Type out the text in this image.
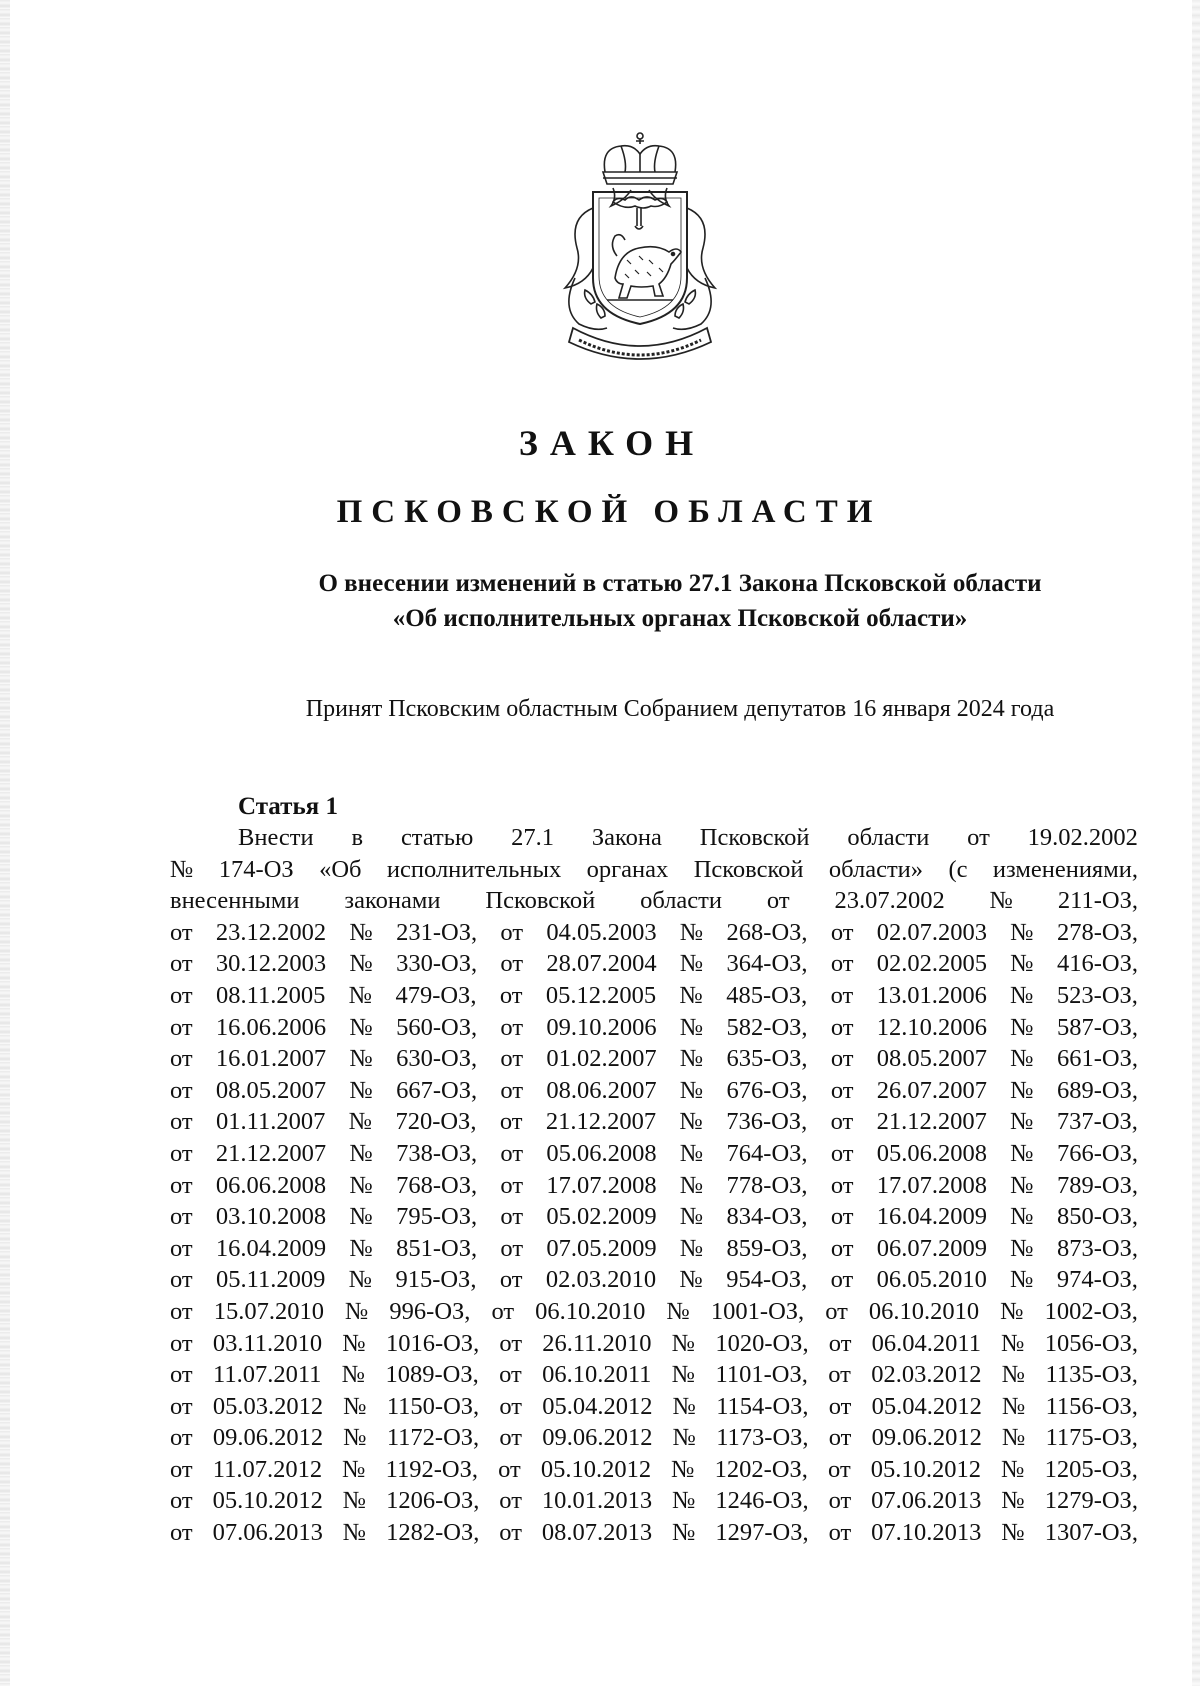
ЗАКОН
ПСКОВСКОЙ ОБЛАСТИ
О внесении изменений в статью 27.1 Закона Псковской области
«Об исполнительных органах Псковской области»

Принят Псковским областным Собранием депутатов 16 января 2024 года

Статья 1
Внести в статью 27.1 Закона Псковской области от 19.02.2002
№ 174-ОЗ «Об исполнительных органах Псковской области» (с изменениями,
внесенными законами Псковской области от 23.07.2002 № 211-ОЗ,
от 23.12.2002 № 231-ОЗ, от 04.05.2003 № 268-ОЗ, от 02.07.2003 № 278-ОЗ,
от 30.12.2003 № 330-ОЗ, от 28.07.2004 № 364-ОЗ, от 02.02.2005 № 416-ОЗ,
от 08.11.2005 № 479-ОЗ, от 05.12.2005 № 485-ОЗ, от 13.01.2006 № 523-ОЗ,
от 16.06.2006 № 560-ОЗ, от 09.10.2006 № 582-ОЗ, от 12.10.2006 № 587-ОЗ,
от 16.01.2007 № 630-ОЗ, от 01.02.2007 № 635-ОЗ, от 08.05.2007 № 661-ОЗ,
от 08.05.2007 № 667-ОЗ, от 08.06.2007 № 676-ОЗ, от 26.07.2007 № 689-ОЗ,
от 01.11.2007 № 720-ОЗ, от 21.12.2007 № 736-ОЗ, от 21.12.2007 № 737-ОЗ,
от 21.12.2007 № 738-ОЗ, от 05.06.2008 № 764-ОЗ, от 05.06.2008 № 766-ОЗ,
от 06.06.2008 № 768-ОЗ, от 17.07.2008 № 778-ОЗ, от 17.07.2008 № 789-ОЗ,
от 03.10.2008 № 795-ОЗ, от 05.02.2009 № 834-ОЗ, от 16.04.2009 № 850-ОЗ,
от 16.04.2009 № 851-ОЗ, от 07.05.2009 № 859-ОЗ, от 06.07.2009 № 873-ОЗ,
от 05.11.2009 № 915-ОЗ, от 02.03.2010 № 954-ОЗ, от 06.05.2010 № 974-ОЗ,
от 15.07.2010 № 996-ОЗ, от 06.10.2010 № 1001-ОЗ, от 06.10.2010 № 1002-ОЗ,
от 03.11.2010 № 1016-ОЗ, от 26.11.2010 № 1020-ОЗ, от 06.04.2011 № 1056-ОЗ,
от 11.07.2011 № 1089-ОЗ, от 06.10.2011 № 1101-ОЗ, от 02.03.2012 № 1135-ОЗ,
от 05.03.2012 № 1150-ОЗ, от 05.04.2012 № 1154-ОЗ, от 05.04.2012 № 1156-ОЗ,
от 09.06.2012 № 1172-ОЗ, от 09.06.2012 № 1173-ОЗ, от 09.06.2012 № 1175-ОЗ,
от 11.07.2012 № 1192-ОЗ, от 05.10.2012 № 1202-ОЗ, от 05.10.2012 № 1205-ОЗ,
от 05.10.2012 № 1206-ОЗ, от 10.01.2013 № 1246-ОЗ, от 07.06.2013 № 1279-ОЗ,
от 07.06.2013 № 1282-ОЗ, от 08.07.2013 № 1297-ОЗ, от 07.10.2013 № 1307-ОЗ,
